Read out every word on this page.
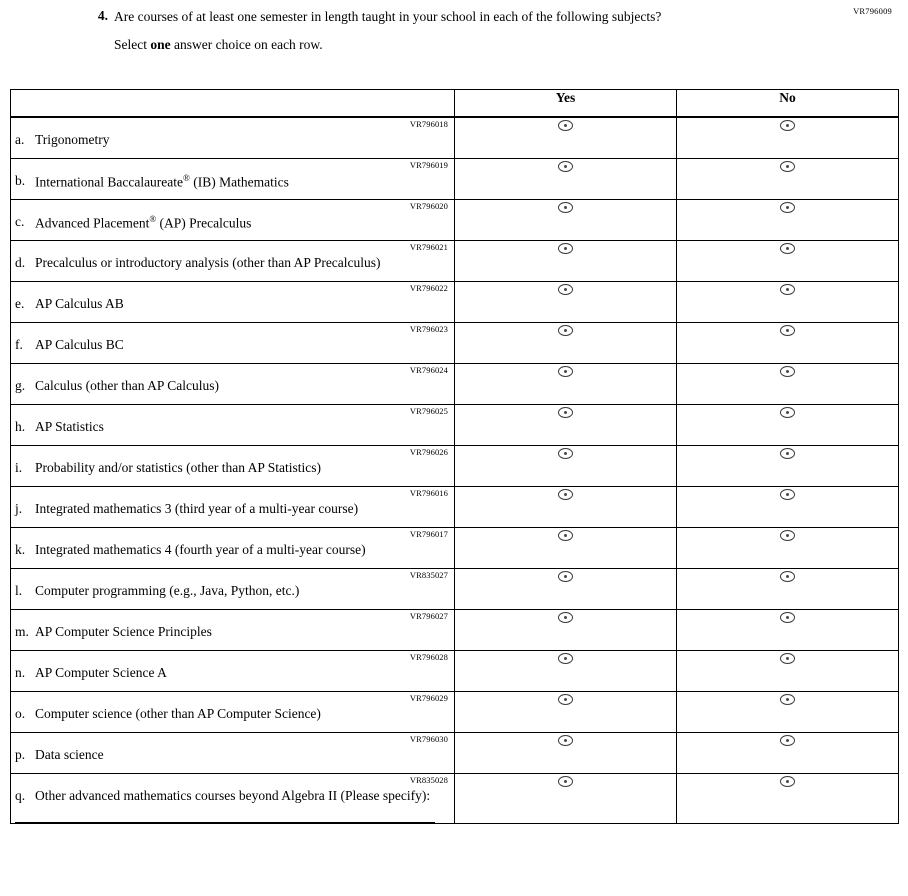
VR796009
4. Are courses of at least one semester in length taught in your school in each of the following subjects?
Select one answer choice on each row.
	Yes	No

VR796018
a. Trigonometry		

VR796019
b. International Baccalaureate® (IB) Mathematics		

VR796020
c. Advanced Placement® (AP) Precalculus		

VR796021
d. Precalculus or introductory analysis (other than AP Precalculus)		

VR796022
e. AP Calculus AB		

VR796023
f. AP Calculus BC		

VR796024
g. Calculus (other than AP Calculus)		

VR796025
h. AP Statistics		

VR796026
i. Probability and/or statistics (other than AP Statistics)		

VR796016
j. Integrated mathematics 3 (third year of a multi-year course)		

VR796017
k. Integrated mathematics 4 (fourth year of a multi-year course)		

VR835027
l. Computer programming (e.g., Java, Python, etc.)		

VR796027
m. AP Computer Science Principles		

VR796028
n. AP Computer Science A		

VR796029
o. Computer science (other than AP Computer Science)		

VR796030
p. Data science		

VR835028
q. Other advanced mathematics courses beyond Algebra II (Please specify):		
